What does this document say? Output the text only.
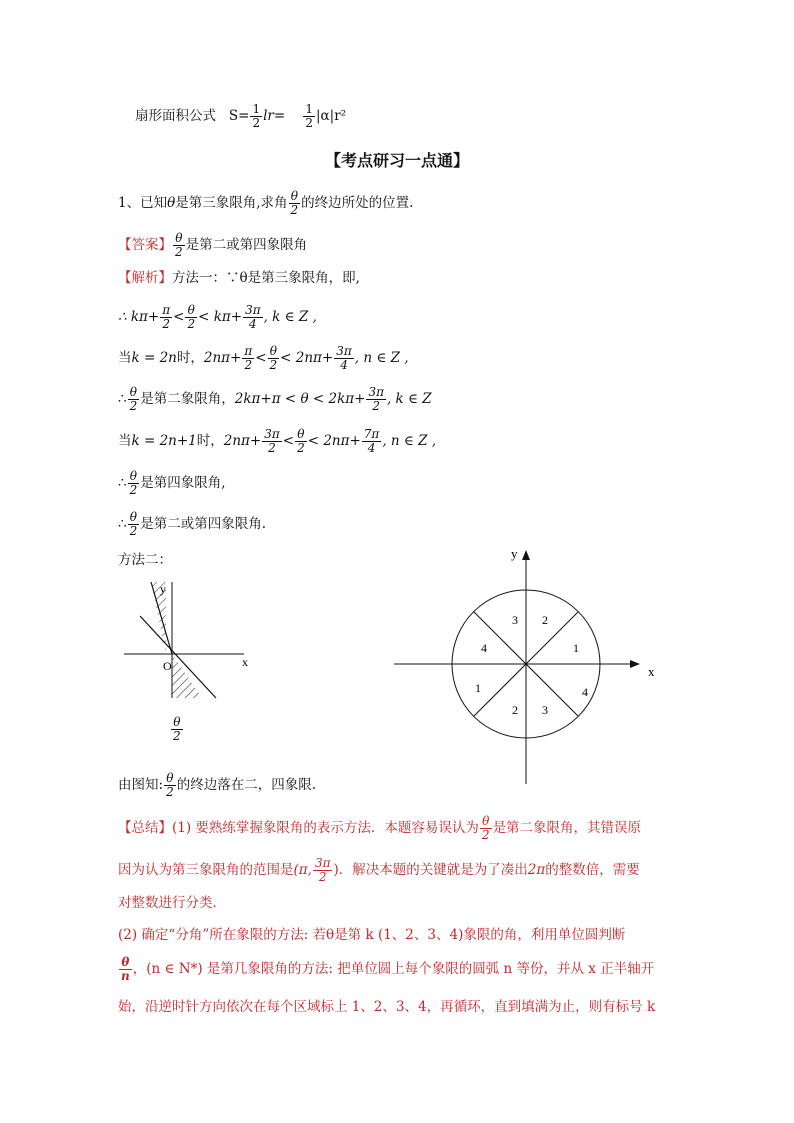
扇形面积公式 $S= \frac{1}{2} lr= \frac{1}{2} |\alpha|r^2$
【考点研习一点通】
1、已知θ是第三象限角,求角 $\frac{\theta}{2}$ 的终边所处的位置.
【答案】 $\frac{\theta}{2}$ 是第二或第四象限角
【解析】方法一：∵θ是第三象限角，即,
∴ $k\pi+ \frac{\pi}{2} < \frac{\theta}{2} < k\pi+ \frac{3\pi}{4}$ , k ∈ Z ,
当k = 2n时，$2n\pi+ \frac{\pi}{2} < \frac{\theta}{2} < 2n\pi+ \frac{3\pi}{4}$ , n ∈ Z ,
∴ $\frac{\theta}{2}$ 是第二象限角，$2k\pi+\pi < \theta < 2k\pi+ \frac{3\pi}{2}$ , k ∈ Z
当k = 2n+1时，$2n\pi+ \frac{3\pi}{2} < \frac{\theta}{2} < 2n\pi+ \frac{7\pi}{4}$ , n ∈ Z ,
∴ $\frac{\theta}{2}$ 是第四象限角,
∴ $\frac{\theta}{2}$ 是第二或第四象限角.
方法二：
y
x
O
$\frac{\theta}{2}$
y
x
3 2
4	1
1	4
2 3
由图知: $\frac{\theta}{2}$ 的终边落在二，四象限.
【总结】(1) 要熟练掌握象限角的表示方法．本题容易误认为 $\frac{\theta}{2}$ 是第二象限角，其错误原
因为认为第三象限角的范围是(π, $\frac{3\pi}{2}$ )．解决本题的关键就是为了凑出2π的整数倍，需要
对整数进行分类．
(2) 确定“分角”所在象限的方法: 若θ是第 k (1、2、3、4)象限的角，利用单位圆判断
$\frac{\theta}{n}$ ，(n ∈ N*) 是第几象限角的方法: 把单位圆上每个象限的圆弧 n 等份，并从 x 正半轴开
始，沿逆时针方向依次在每个区域标上 1、2、3、4，再循环，直到填满为止，则有标号 k
